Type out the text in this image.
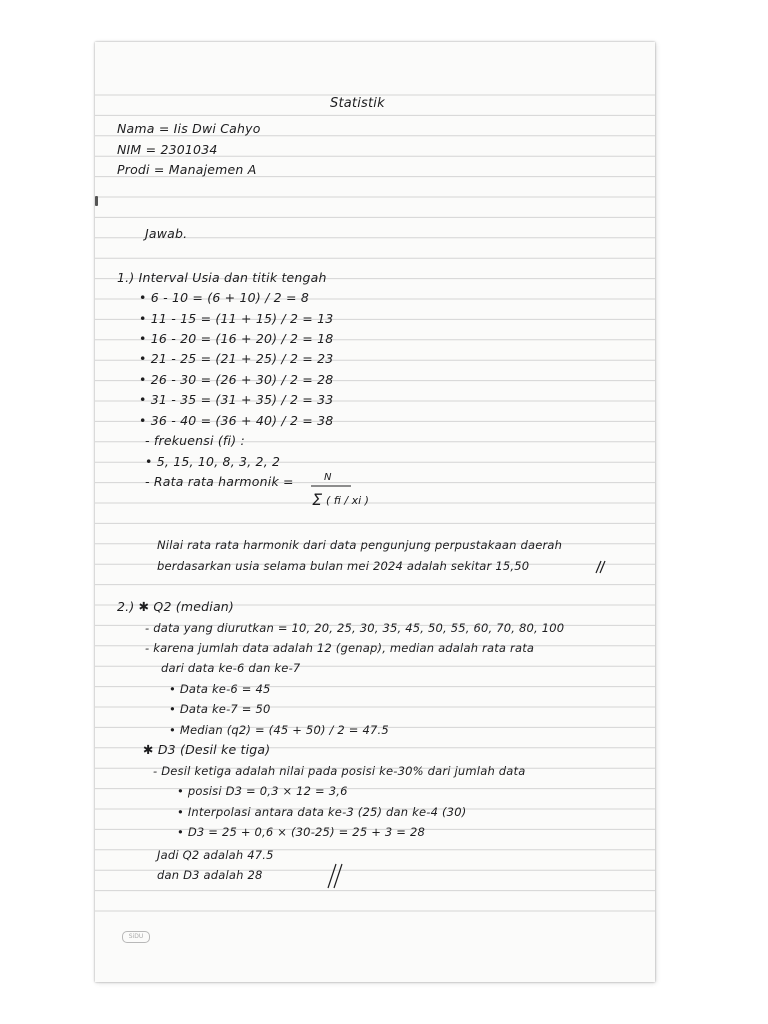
Statistik
Nama = Iis Dwi Cahyo
NIM = 2301034
Prodi = Manajemen A
Jawab.
1.) Interval Usia dan titik tengah
• 6 - 10 = (6 + 10) / 2 = 8
• 11 - 15 = (11 + 15) / 2 = 13
• 16 - 20 = (16 + 20) / 2 = 18
• 21 - 25 = (21 + 25) / 2 = 23
• 26 - 30 = (26 + 30) / 2 = 28
• 31 - 35 = (31 + 35) / 2 = 33
• 36 - 40 = (36 + 40) / 2 = 38
- frekuensi (fi) :
• 5, 15, 10, 8, 3, 2, 2
- Rata rata harmonik =	N
Σ ( fi / xi )
Nilai rata rata harmonik dari data pengunjung perpustakaan daerah
berdasarkan usia selama bulan mei 2024 adalah sekitar 15,50
2.) ✱ Q2 (median)
- data yang diurutkan = 10, 20, 25, 30, 35, 45, 50, 55, 60, 70, 80, 100
- karena jumlah data adalah 12 (genap), median adalah rata rata
dari data ke-6 dan ke-7
• Data ke-6 = 45
• Data ke-7 = 50
• Median (q2) = (45 + 50) / 2 = 47.5
✱ D3 (Desil ke tiga)
- Desil ketiga adalah nilai pada posisi ke-30% dari jumlah data
• posisi D3 = 0,3 × 12 = 3,6
• Interpolasi antara data ke-3 (25) dan ke-4 (30)
• D3 = 25 + 0,6 × (30-25) = 25 + 3 = 28
Jadi Q2 adalah 47.5
dan D3 adalah 28
SiDU
